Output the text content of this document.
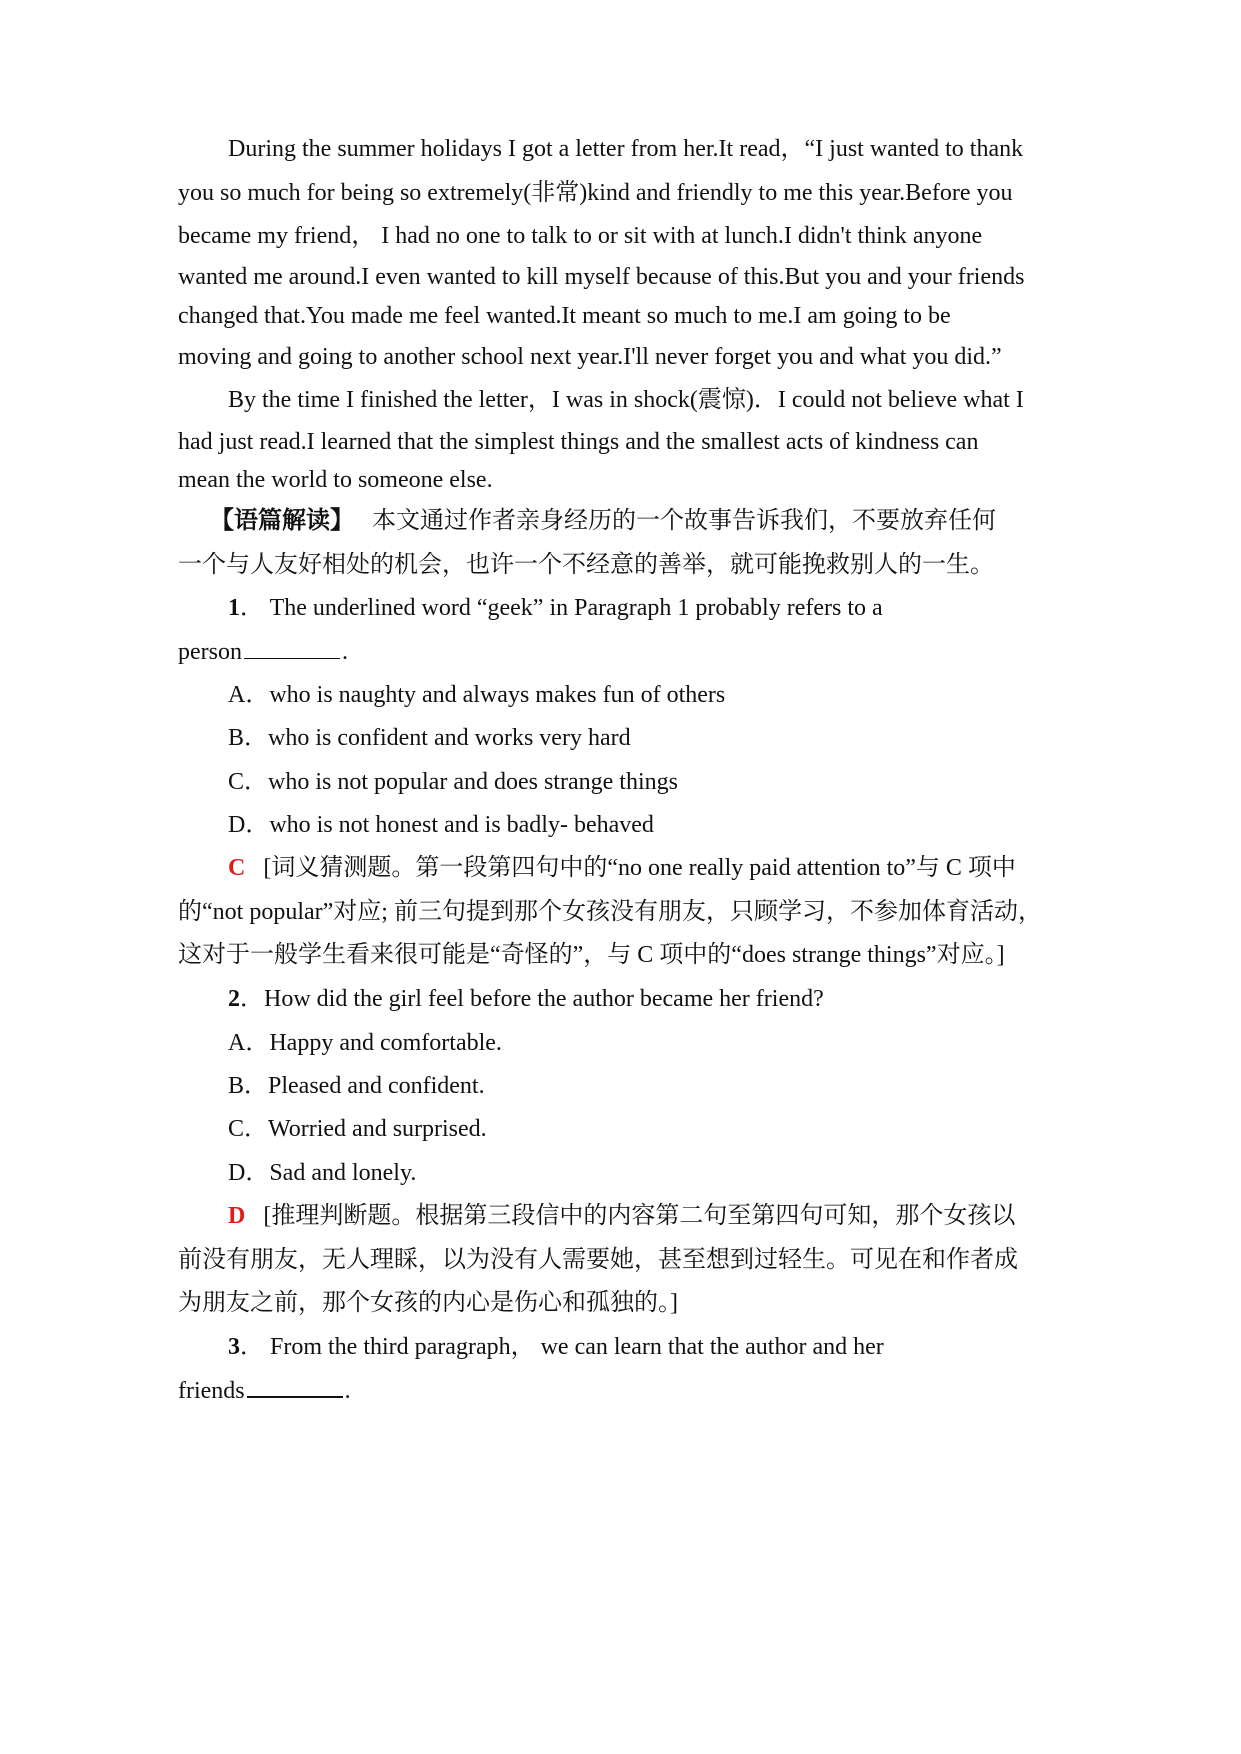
During the summer holidays I got a letter from her.It read，“I just wanted to thank
you so much for being so extremely(非常)kind and friendly to me this year.Before you
became my friend， I had no one to talk to or sit with at lunch.I didn't think anyone
wanted me around.I even wanted to kill myself because of this.But you and your friends
changed that.You made me feel wanted.It meant so much to me.I am going to be
moving and going to another school next year.I'll never forget you and what you did.”
By the time I finished the letter，I was in shock(震惊)．I could not believe what I
had just read.I learned that the simplest things and the smallest acts of kindness can
mean the world to someone else.
【语篇解读】 本文通过作者亲身经历的一个故事告诉我们，不要放弃任何
一个与人友好相处的机会，也许一个不经意的善举，就可能挽救别人的一生。
1． The underlined word “geek” in Paragraph 1 probably refers to a
person	.
A．who is naughty and always makes fun of others
B．who is confident and works very hard
C．who is not popular and does strange things
D．who is not honest and is badly- behaved
C [词义猜测题。第一段第四句中的“no one really paid attention to”与 C 项中
的“not popular”对应; 前三句提到那个女孩没有朋友，只顾学习，不参加体育活动，
这对于一般学生看来很可能是“奇怪的”，与 C 项中的“does strange things”对应。]
2．How did the girl feel before the author became her friend?
A．Happy and comfortable.
B．Pleased and confident.
C．Worried and surprised.
D．Sad and lonely.
D [推理判断题。根据第三段信中的内容第二句至第四句可知，那个女孩以
前没有朋友，无人理睬，以为没有人需要她，甚至想到过轻生。可见在和作者成
为朋友之前，那个女孩的内心是伤心和孤独的。]
3． From the third paragraph， we can learn that the author and her
friends	.
